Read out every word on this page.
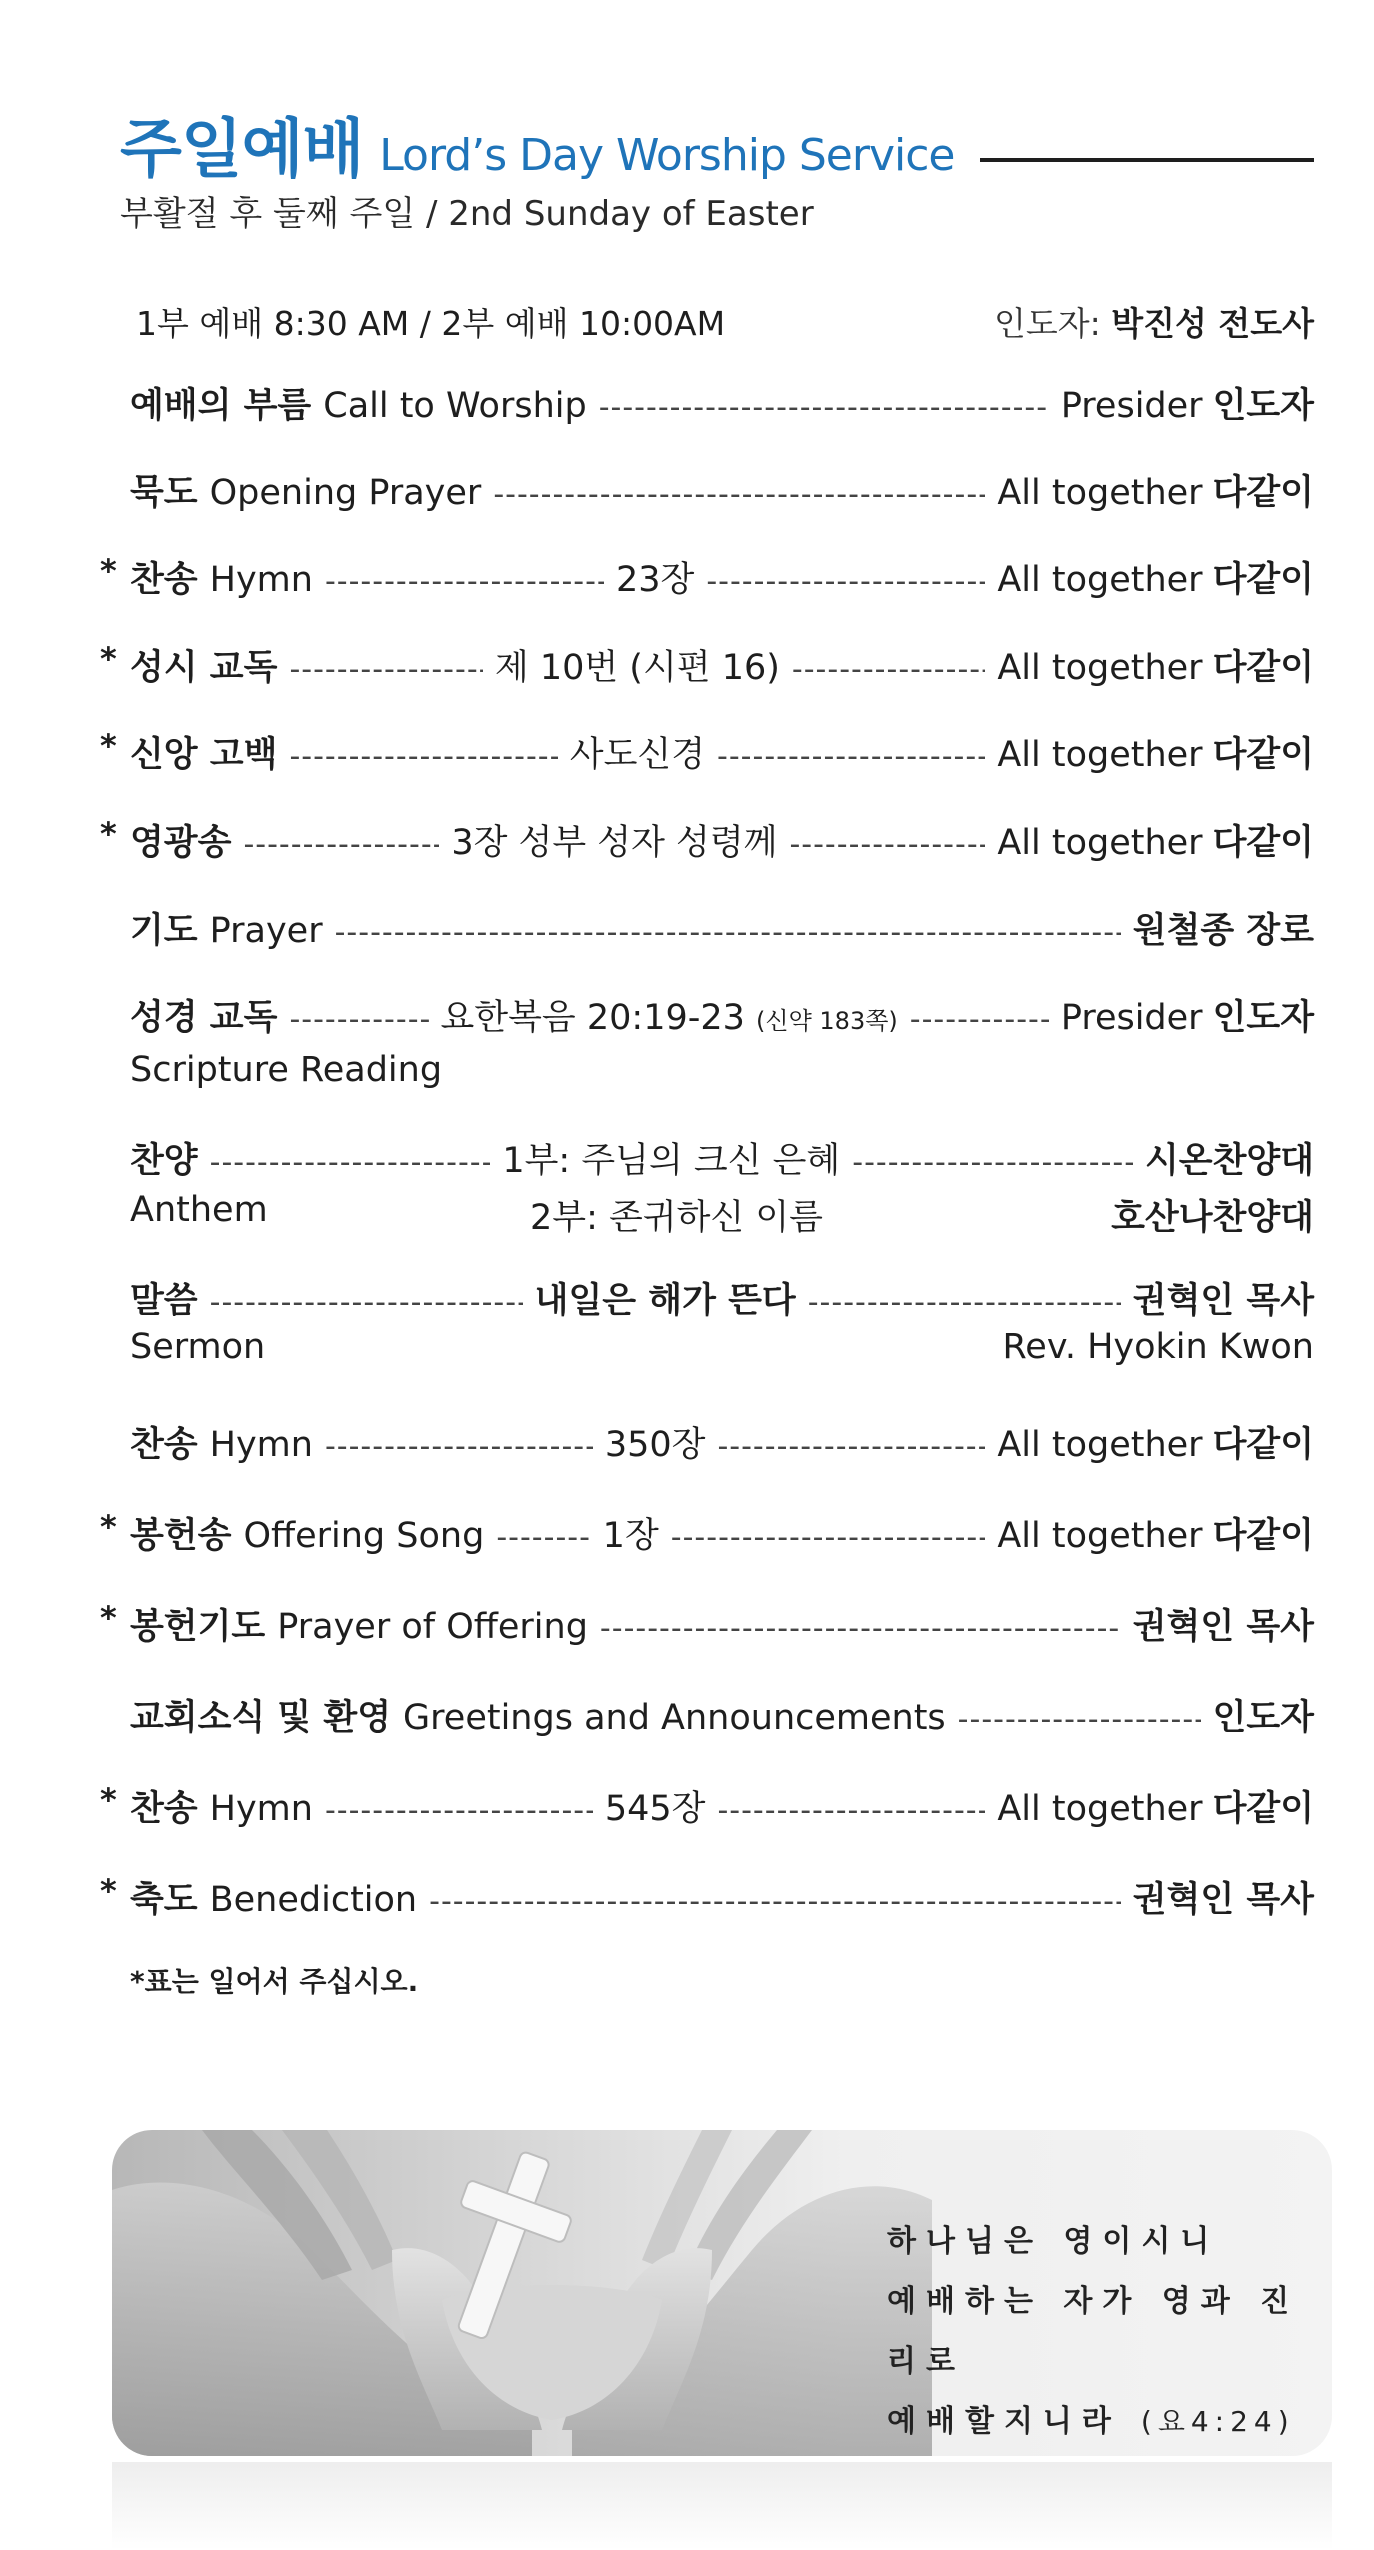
주일예배 Lord’s Day Worship Service
부활절 후 둘째 주일 / 2nd Sunday of Easter
1부 예배 8:30 AM / 2부 예배 10:00AM	인도자: 박진성 전도사
예배의 부름 Call to Worship -----	Presider 인도자
묵도 Opening Prayer -----	All together 다같이
* 찬송 Hymn -----	23장 -----	All together 다같이
* 성시 교독 -----	제 10번 (시편 16) -----	All together 다같이
* 신앙 고백 -----	사도신경 -----	All together 다같이
* 영광송 -----	3장 성부 성자 성령께 -----	All together 다같이
기도 Prayer -----	원철종 장로
성경 교독 -----	요한복음 20:19-23 (신약 183쪽) -----	Presider 인도자
Scripture Reading
찬양 -----	1부: 주님의 크신 은혜 -----	시온찬양대
Anthem	2부: 존귀하신 이름	호산나찬양대
말씀 -----	내일은 해가 뜬다 -----	권혁인 목사
Sermon	Rev. Hyokin Kwon
찬송 Hymn -----	350장 -----	All together 다같이
* 봉헌송 Offering Song -----	1장 -----	All together 다같이
* 봉헌기도 Prayer of Offering -----	권혁인 목사
교회소식 및 환영 Greetings and Announcements -----	인도자
* 찬송 Hymn -----	545장 -----	All together 다같이
* 축도 Benediction -----	권혁인 목사
*표는 일어서 주십시오.
하나님은 영이시니
예배하는 자가 영과 진리로
예배할지니라 (요4:24)
